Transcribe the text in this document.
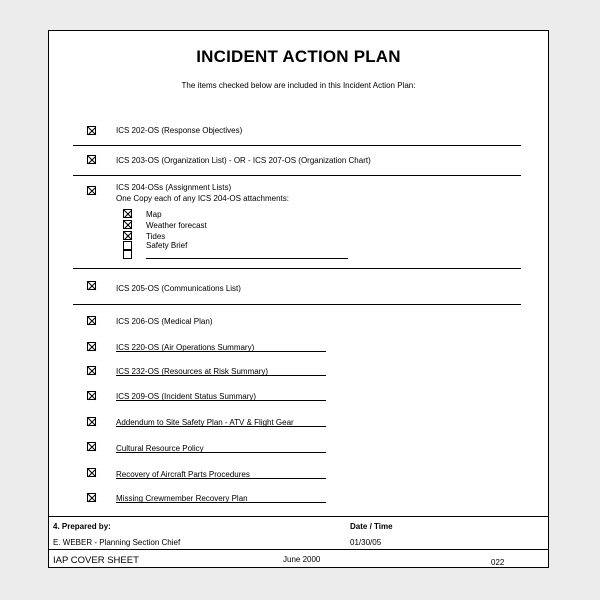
INCIDENT ACTION PLAN
The items checked below are included in this Incident Action Plan:
ICS 202-OS (Response Objectives)
ICS 203-OS (Organization List) - OR - ICS 207-OS (Organization Chart)
ICS 204-OSs (Assignment Lists)
One Copy each of any ICS 204-OS attachments:
Map
Weather forecast
Tides
Safety Brief
ICS 205-OS (Communications List)
ICS 206-OS (Medical Plan)
ICS 220-OS (Air Operations Summary)
ICS 232-OS (Resources at Risk Summary)
ICS 209-OS (Incident Status Summary)
Addendum to Site Safety Plan - ATV & Flight Gear
Cultural Resource Policy
Recovery of Aircraft Parts Procedures
Missing Crewmember Recovery Plan
4. Prepared by:
E. WEBER - Planning Section Chief
Date / Time
01/30/05
IAP COVER SHEET	June 2000	022
